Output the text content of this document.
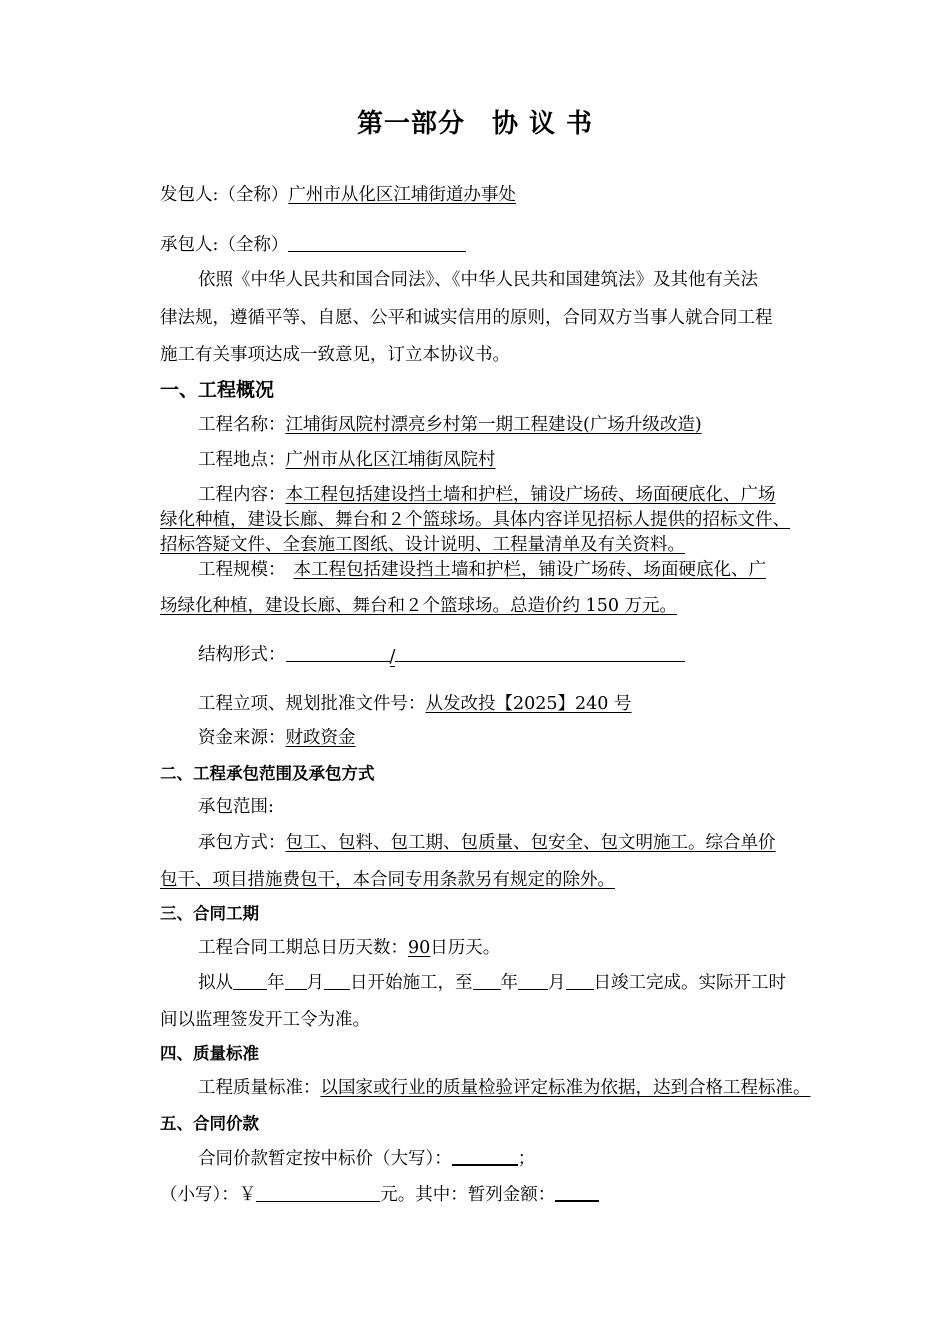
第一部分　协 议 书
发包人:（全称）广州市从化区江埔街道办事处
承包人:（全称）
依照《中华人民共和国合同法》、《中华人民共和国建筑法》及其他有关法
律法规，遵循平等、自愿、公平和诚实信用的原则，合同双方当事人就合同工程
施工有关事项达成一致意见，订立本协议书。
一、工程概况
工程名称：江埔街凤院村漂亮乡村第一期工程建设(广场升级改造)
工程地点：广州市从化区江埔街凤院村
工程内容：本工程包括建设挡土墙和护栏，铺设广场砖、场面硬底化、广场
绿化种植，建设长廊、舞台和２个篮球场。具体内容详见招标人提供的招标文件、
招标答疑文件、全套施工图纸、设计说明、工程量清单及有关资料。
工程规模： 本工程包括建设挡土墙和护栏，铺设广场砖、场面硬底化、广
场绿化种植，建设长廊、舞台和２个篮球场。总造价约 150 万元。
结构形式：	/
工程立项、规划批准文件号：从发改投【2025】240 号
资金来源：财政资金
二、工程承包范围及承包方式
承包范围:
承包方式：包工、包料、包工期、包质量、包安全、包文明施工。综合单价
包干、项目措施费包干，本合同专用条款另有规定的除外。
三、合同工期
工程合同工期总日历天数：90日历天。
拟从 年 月 日开始施工，至 年 月 日竣工完成。实际开工时
间以监理签发开工令为准。
四、质量标准
工程质量标准：以国家或行业的质量检验评定标准为依据，达到合格工程标准。
五、合同价款
合同价款暂定按中标价（大写）：	；
（小写）：￥	元。其中：暂列金额：
